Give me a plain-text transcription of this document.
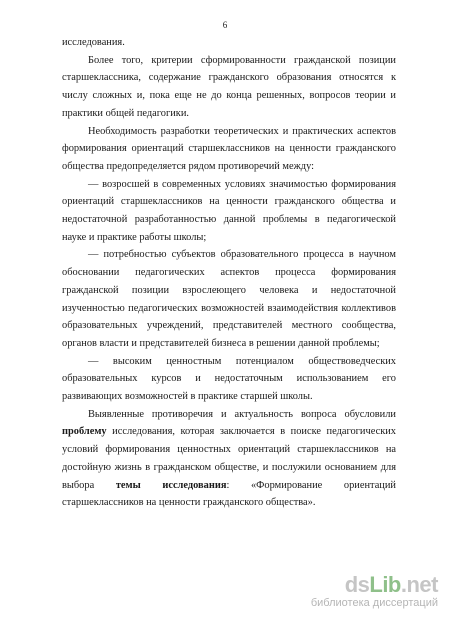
6

исследования.

Более того, критерии сформированности гражданской позиции старшеклассника, содержание гражданского образования относятся к числу сложных и, пока еще не до конца решенных, вопросов теории и практики общей педагогики.

Необходимость разработки теоретических и практических аспектов формирования ориентаций старшеклассников на ценности гражданского общества предопределяется рядом противоречий между:

— возросшей в современных условиях значимостью формирования ориентаций старшеклассников на ценности гражданского общества и недостаточной разработанностью данной проблемы в педагогической науке и практике работы школы;

— потребностью субъектов образовательного процесса в научном обосновании педагогических аспектов процесса формирования гражданской позиции взрослеющего человека и недостаточной изученностью педагогических возможностей взаимодействия коллективов образовательных учреждений, представителей местного сообщества, органов власти и представителей бизнеса в решении данной проблемы;

— высоким ценностным потенциалом обществоведческих образовательных курсов и недостаточным использованием его развивающих возможностей в практике старшей школы.

Выявленные противоречия и актуальность вопроса обусловили проблему исследования, которая заключается в поиске педагогических условий формирования ценностных ориентаций старшеклассников на достойную жизнь в гражданском обществе, и послужили основанием для выбора темы исследования: «Формирование ориентаций старшеклассников на ценности гражданского общества».

dsLib.net
библиотека диссертаций
